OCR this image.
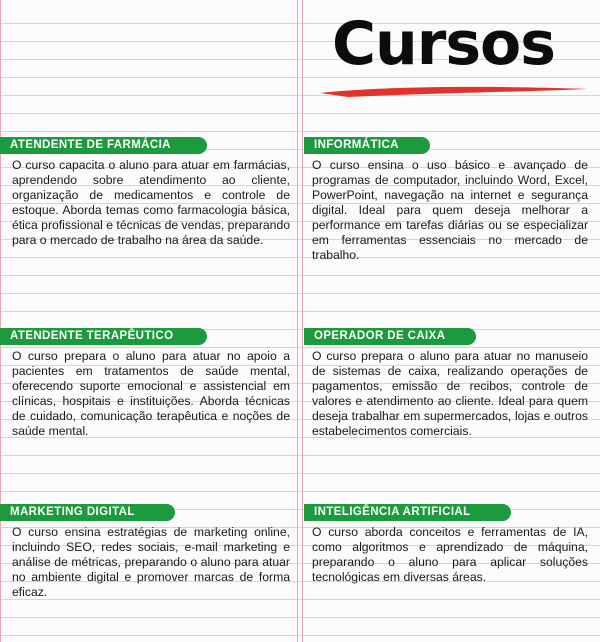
Cursos
ATENDENTE DE FARMÁCIA

O curso capacita o aluno para atuar em farmácias, aprendendo sobre atendimento ao cliente, organização de medicamentos e controle de estoque. Aborda temas como farmacologia básica, ética profissional e técnicas de vendas, preparando para o mercado de trabalho na área da saúde.

INFORMÁTICA

O curso ensina o uso básico e avançado de programas de computador, incluindo Word, Excel, PowerPoint, navegação na internet e segurança digital. Ideal para quem deseja melhorar a performance em tarefas diárias ou se especializar em ferramentas essenciais no mercado de trabalho.

ATENDENTE TERAPÊUTICO

O curso prepara o aluno para atuar no apoio a pacientes em tratamentos de saúde mental, oferecendo suporte emocional e assistencial em clínicas, hospitais e instituições. Aborda técnicas de cuidado, comunicação terapêutica e noções de saúde mental.

OPERADOR DE CAIXA

O curso prepara o aluno para atuar no manuseio de sistemas de caixa, realizando operações de pagamentos, emissão de recibos, controle de valores e atendimento ao cliente. Ideal para quem deseja trabalhar em supermercados, lojas e outros estabelecimentos comerciais.

MARKETING DIGITAL

O curso ensina estratégias de marketing online, incluindo SEO, redes sociais, e-mail marketing e análise de métricas, preparando o aluno para atuar no ambiente digital e promover marcas de forma eficaz.

INTELIGÊNCIA ARTIFICIAL

O curso aborda conceitos e ferramentas de IA, como algoritmos e aprendizado de máquina, preparando o aluno para aplicar soluções tecnológicas em diversas áreas.
